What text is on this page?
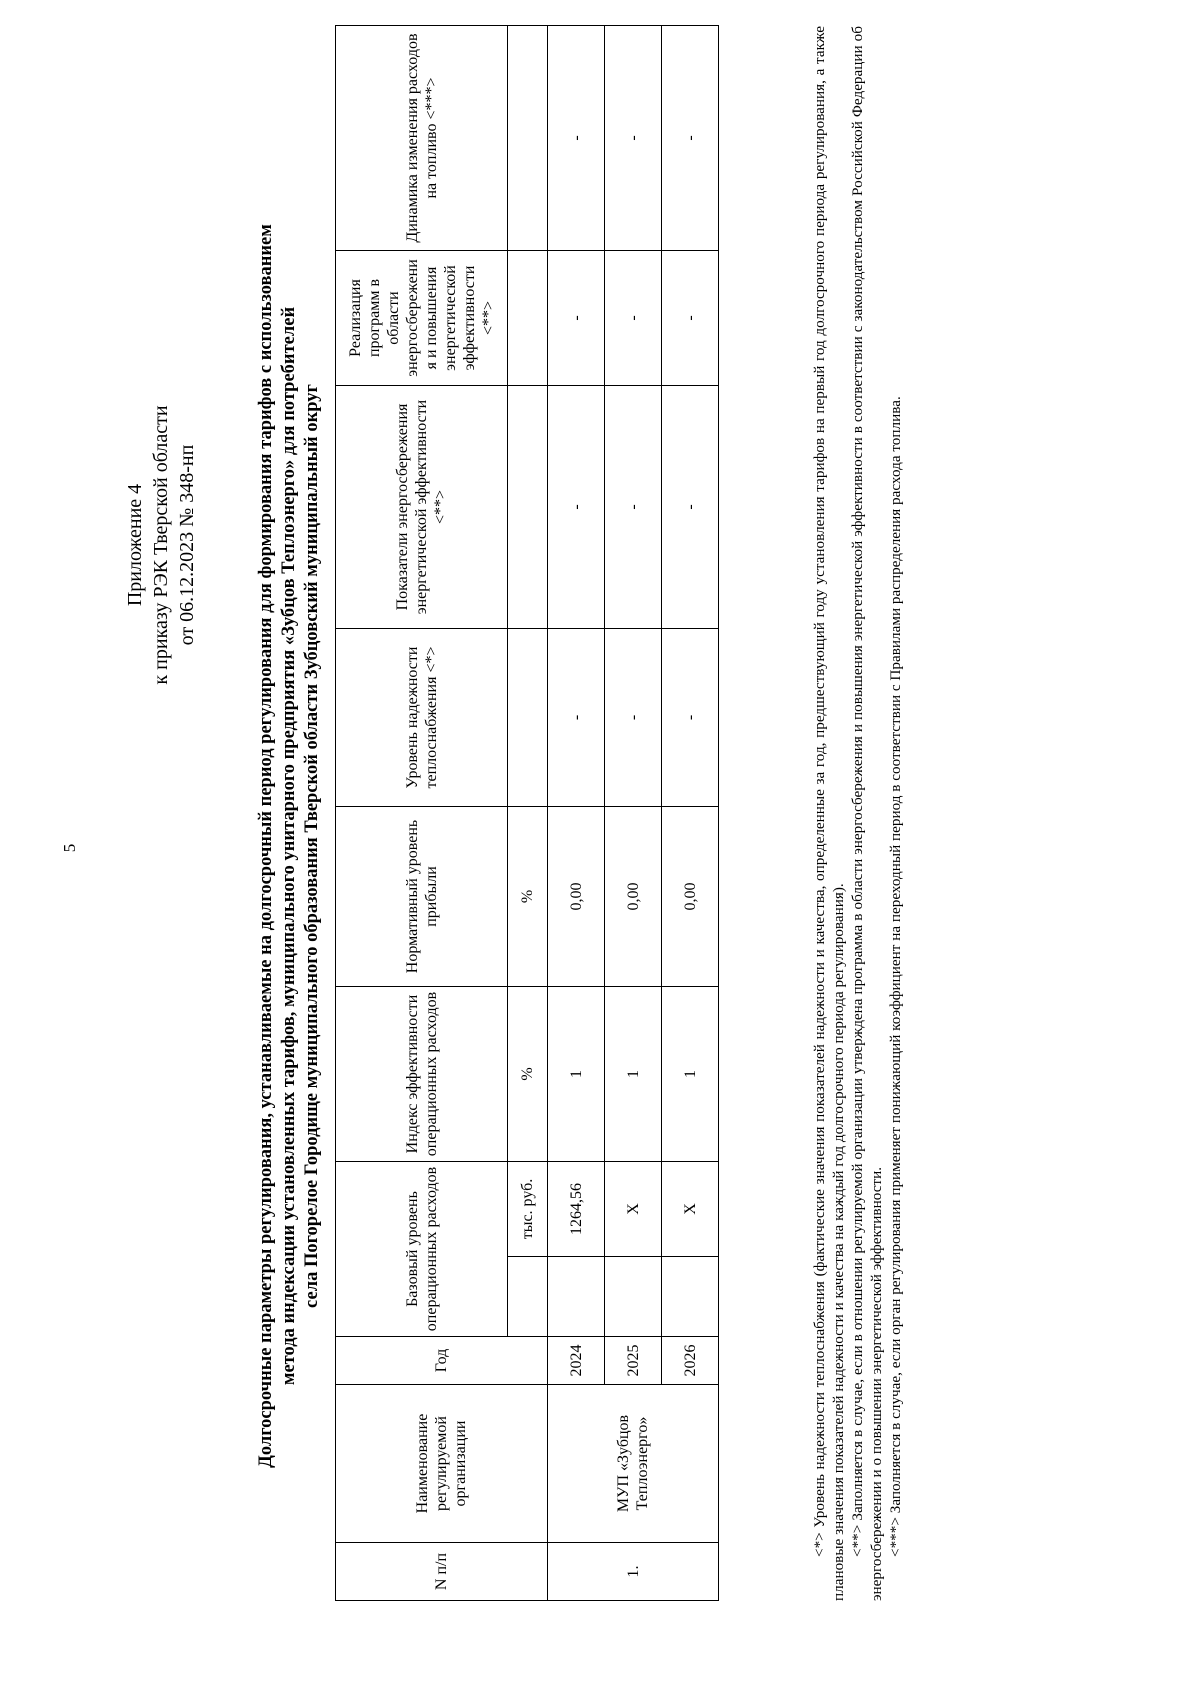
5
Приложение 4 к приказу РЭК Тверской области от 06.12.2023 № 348-нп	Долгосрочные параметры регулирования, устанавливаемые на долгосрочный период регулирования для формирования тарифов с использованием метода индексации установленных тарифов, муниципального унитарного предприятия «Зубцов Теплоэнерго» для потребителей села Погорелое Городище муниципального образования Тверской области Зубцовский муниципальный округ
N п/п	Наименование регулируемой организации	Год	Базовый уровень операционных расходов		Индекс эффективности операционных расходов	Нормативный уровень прибыли	Уровень надежности теплоснабжения <*>	Показатели энергосбережения энергетической эффективности <**>	Реализация программ в области энергосбережени я и повышения энергетической эффективности <**>	Динамика изменения расходов на топливо <***>
				тыс. руб.	%	%				
1.	МУП «Зубцов Теплоэнерго»	2024		1264,56	1	0,00	-	-	-	-
		2025		Х	1	0,00	-	-	-	-
		2026		Х	1	0,00	-	-	-	-	<*> Уровень надежности теплоснабжения (фактические значения показателей надежности и качества, определенные за год, предшествующий году установления тарифов на первый год долгосрочного периода регулирования, а также плановые значения показателей надежности и качества на каждый год долгосрочного периода регулирования). <**> Заполняется в случае, если в отношении регулируемой организации утверждена программа в области энергосбережения и повышения энергетической эффективности в соответствии с законодательством Российской Федерации об энергосбережении и о повышении энергетической эффективности. <***> Заполняется в случае, если орган регулирования применяет понижающий коэффициент на переходный период в соответствии с Правилами распределения расхода топлива.
